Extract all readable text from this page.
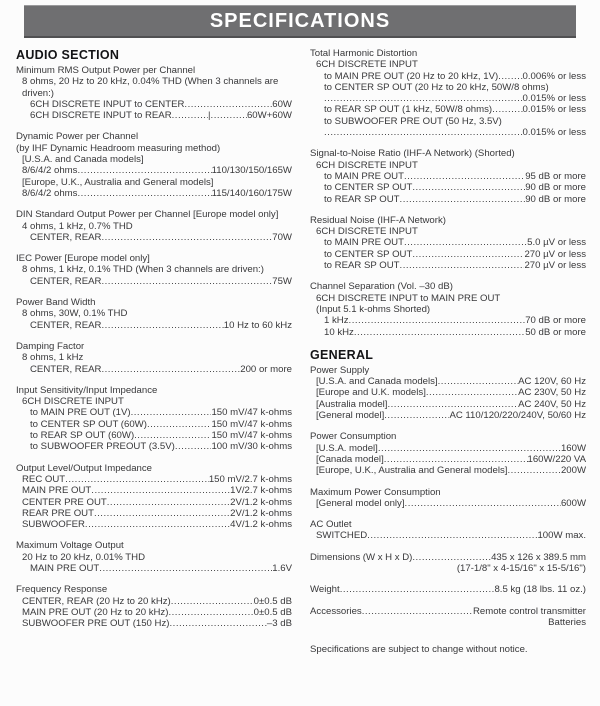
SPECIFICATIONS
AUDIO SECTION
Minimum RMS Output Power per Channel
8 ohms, 20 Hz to 20 kHz, 0.04% THD (When 3 channels are
driven:)
6CH DISCRETE INPUT to CENTER .....	60W
6CH DISCRETE INPUT to REAR .....	| .....	60W+60W
Dynamic Power per Channel
(by IHF Dynamic Headroom measuring method)
[U.S.A. and Canada models]
8/6/4/2 ohms .....	110/130/150/165W
[Europe, U.K., Australia and General models]
8/6/4/2 ohms .....	115/140/160/175W
DIN Standard Output Power per Channel [Europe model only]
4 ohms, 1 kHz, 0.7% THD
CENTER, REAR .....	70W
IEC Power [Europe model only]
8 ohms, 1 kHz, 0.1% THD (When 3 channels are driven:)
CENTER, REAR .....	75W
Power Band Width
8 ohms, 30W, 0.1% THD
CENTER, REAR .....	10 Hz to 60 kHz
Damping Factor
8 ohms, 1 kHz
CENTER, REAR .....	200 or more
Input Sensitivity/Input Impedance
6CH DISCRETE INPUT
to MAIN PRE OUT (1V) .....	150 mV/47 k-ohms
to CENTER SP OUT (60W) .....	150 mV/47 k-ohms
to REAR SP OUT (60W) .....	150 mV/47 k-ohms
to SUBWOOFER PREOUT (3.5V) .....	100 mV/30 k-ohms
Output Level/Output Impedance
REC OUT .....	150 mV/2.7 k-ohms
MAIN PRE OUT .....	1V/2.7 k-ohms
CENTER PRE OUT .....	2V/1.2 k-ohms
REAR PRE OUT .....	2V/1.2 k-ohms
SUBWOOFER .....	4V/1.2 k-ohms
Maximum Voltage Output
20 Hz to 20 kHz, 0.01% THD
MAIN PRE OUT .....	1.6V
Frequency Response
CENTER, REAR (20 Hz to 20 kHz) .....	0±0.5 dB
MAIN PRE OUT (20 Hz to 20 kHz) .....	0±0.5 dB
SUBWOOFER PRE OUT (150 Hz) .....	–3 dB
Total Harmonic Distortion
6CH DISCRETE INPUT
to MAIN PRE OUT (20 Hz to 20 kHz, 1V) .....	0.006% or less
to CENTER SP OUT (20 Hz to 20 kHz, 50W/8 ohms)
.....
0.015% or less
to REAR SP OUT (1 kHz, 50W/8 ohms) .....	0.015% or less
to SUBWOOFER PRE OUT (50 Hz, 3.5V)
.....
0.015% or less
Signal-to-Noise Ratio (IHF-A Network) (Shorted)
6CH DISCRETE INPUT
to MAIN PRE OUT .....	95 dB or more
to CENTER SP OUT .....	90 dB or more
to REAR SP OUT .....	90 dB or more
Residual Noise (IHF-A Network)
6CH DISCRETE INPUT
to MAIN PRE OUT .....	5.0 µV or less
to CENTER SP OUT .....	270 µV or less
to REAR SP OUT .....	270 µV or less
Channel Separation (Vol. –30 dB)
6CH DISCRETE INPUT to MAIN PRE OUT
(Input 5.1 k-ohms Shorted)
1 kHz .....	70 dB or more
10 kHz .....	50 dB or more
GENERAL
Power Supply
[U.S.A. and Canada models] .....	AC 120V, 60 Hz
[Europe and U.K. models] .....	AC 230V, 50 Hz
[Australia model] .....	AC 240V, 50 Hz
[General model] .....	AC 110/120/220/240V, 50/60 Hz
Power Consumption
[U.S.A. model] .....	160W
[Canada model] .....	160W/220 VA
[Europe, U.K., Australia and General models] .....	200W
Maximum Power Consumption
[General model only] .....	600W
AC Outlet
SWITCHED .....	100W max.
Dimensions (W x H x D) .....	435 x 126 x 389.5 mm
(17-1/8" x 4-15/16" x 15-5/16")
Weight .....	8.5 kg (18 lbs. 11 oz.)
Accessories .....	Remote control transmitter
Batteries
Specifications are subject to change without notice.
